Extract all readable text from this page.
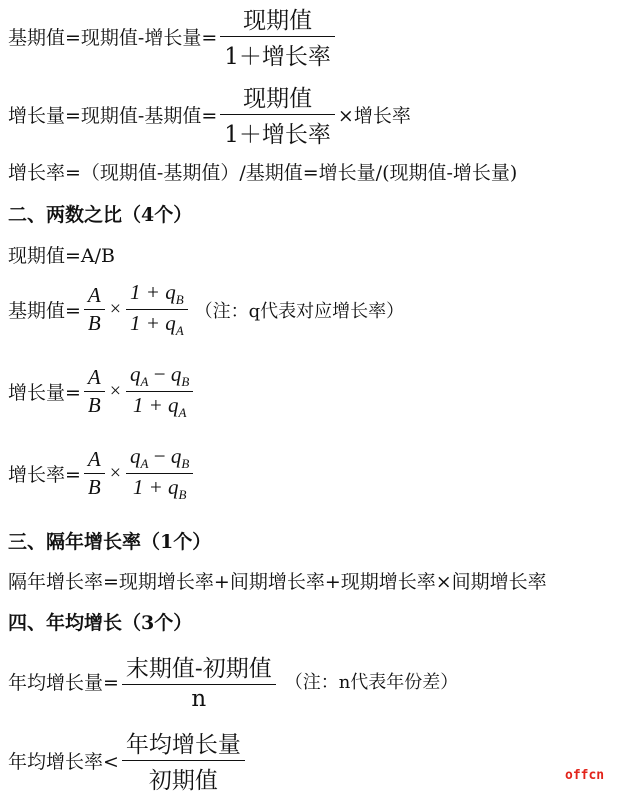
基期值=现期值-增长量= $\frac{\text{现期值}}{\text{1＋增长率}}$
增长量=现期值-基期值= $\frac{\text{现期值}}{\text{1＋增长率}}$ ×增长率
增长率=（现期值-基期值）/基期值=增长量/(现期值-增长量)
二、两数之比（4个）
现期值=A/B
基期值= $\frac{A}{B} \times \frac{1 + q_B}{1 + q_A}$ （注：q代表对应增长率）
增长量= $\frac{A}{B} \times \frac{q_A - q_B}{1 + q_A}$
增长率= $\frac{A}{B} \times \frac{q_A - q_B}{1 + q_B}$
三、隔年增长率（1个）
隔年增长率=现期增长率+间期增长率+现期增长率×间期增长率
四、年均增长（3个）
年均增长量= $\frac{\text{末期值-初期值}}{n}$ （注：n代表年份差）
年均增长率< $\frac{\text{年均增长量}}{\text{初期值}}$	offcn
